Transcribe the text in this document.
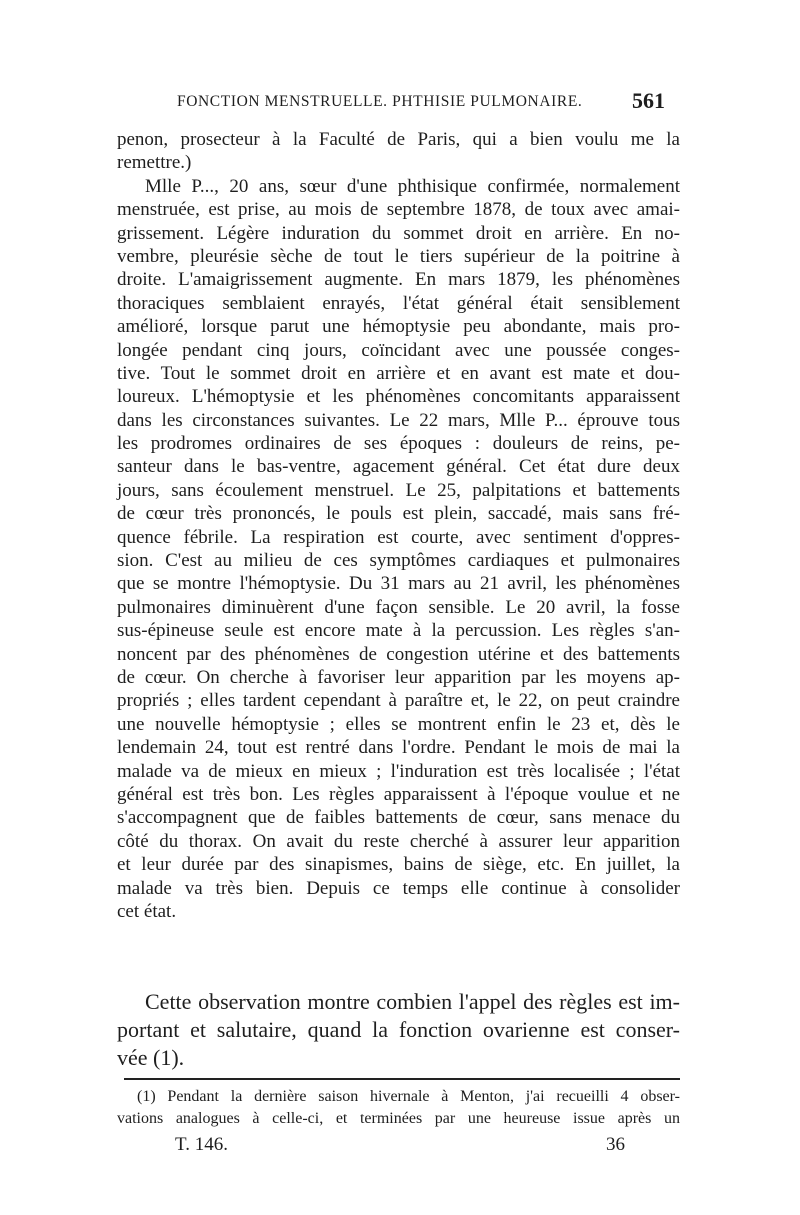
FONCTION MENSTRUELLE. PHTHISIE PULMONAIRE. 561
penon, prosecteur à la Faculté de Paris, qui a bien voulu me la
remettre.)
Mlle P..., 20 ans, sœur d'une phthisique confirmée, normalement
menstruée, est prise, au mois de septembre 1878, de toux avec amai-
grissement. Légère induration du sommet droit en arrière. En no-
vembre, pleurésie sèche de tout le tiers supérieur de la poitrine à
droite. L'amaigrissement augmente. En mars 1879, les phénomènes
thoraciques semblaient enrayés, l'état général était sensiblement
amélioré, lorsque parut une hémoptysie peu abondante, mais pro-
longée pendant cinq jours, coïncidant avec une poussée conges-
tive. Tout le sommet droit en arrière et en avant est mate et dou-
loureux. L'hémoptysie et les phénomènes concomitants apparaissent
dans les circonstances suivantes. Le 22 mars, Mlle P... éprouve tous
les prodromes ordinaires de ses époques : douleurs de reins, pe-
santeur dans le bas-ventre, agacement général. Cet état dure deux
jours, sans écoulement menstruel. Le 25, palpitations et battements
de cœur très prononcés, le pouls est plein, saccadé, mais sans fré-
quence fébrile. La respiration est courte, avec sentiment d'oppres-
sion. C'est au milieu de ces symptômes cardiaques et pulmonaires
que se montre l'hémoptysie. Du 31 mars au 21 avril, les phénomènes
pulmonaires diminuèrent d'une façon sensible. Le 20 avril, la fosse
sus-épineuse seule est encore mate à la percussion. Les règles s'an-
noncent par des phénomènes de congestion utérine et des battements
de cœur. On cherche à favoriser leur apparition par les moyens ap-
propriés ; elles tardent cependant à paraître et, le 22, on peut craindre
une nouvelle hémoptysie ; elles se montrent enfin le 23 et, dès le
lendemain 24, tout est rentré dans l'ordre. Pendant le mois de mai la
malade va de mieux en mieux ; l'induration est très localisée ; l'état
général est très bon. Les règles apparaissent à l'époque voulue et ne
s'accompagnent que de faibles battements de cœur, sans menace du
côté du thorax. On avait du reste cherché à assurer leur apparition
et leur durée par des sinapismes, bains de siège, etc. En juillet, la
malade va très bien. Depuis ce temps elle continue à consolider
cet état.
Cette observation montre combien l'appel des règles est im-
portant et salutaire, quand la fonction ovarienne est conser-
vée (1).
(1) Pendant la dernière saison hivernale à Menton, j'ai recueilli 4 obser-
vations analogues à celle-ci, et terminées par une heureuse issue après un
T. 146.	36
